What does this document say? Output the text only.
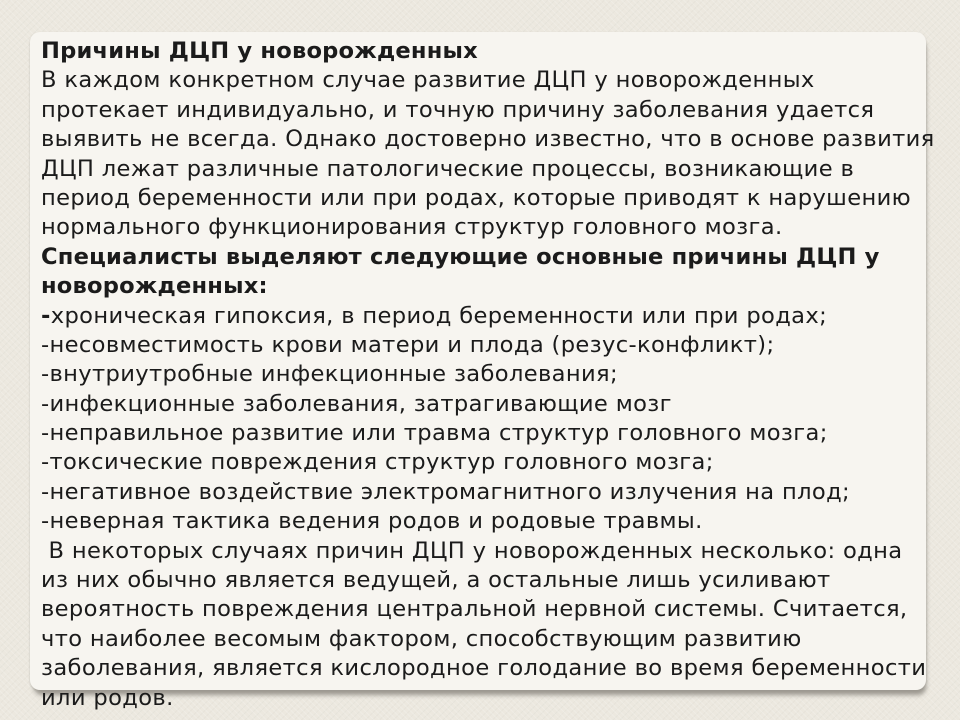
Причины ДЦП у новорожденных
В каждом конкретном случае развитие ДЦП у новорожденных
протекает индивидуально, и точную причину заболевания удается
выявить не всегда. Однако достоверно известно, что в основе развития
ДЦП лежат различные патологические процессы, возникающие в
период беременности или при родах, которые приводят к нарушению
нормального функционирования структур головного мозга.
Специалисты выделяют следующие основные причины ДЦП у
новорожденных:
-хроническая гипоксия, в период беременности или при родах;
-несовместимость крови матери и плода (резус-конфликт);
-внутриутробные инфекционные заболевания;
-инфекционные заболевания, затрагивающие мозг
-неправильное развитие или травма структур головного мозга;
-токсические повреждения структур головного мозга;
-негативное воздействие электромагнитного излучения на плод;
-неверная тактика ведения родов и родовые травмы.
В некоторых случаях причин ДЦП у новорожденных несколько: одна
из них обычно является ведущей, а остальные лишь усиливают
вероятность повреждения центральной нервной системы. Считается,
что наиболее весомым фактором, способствующим развитию
заболевания, является кислородное голодание во время беременности
или родов.
